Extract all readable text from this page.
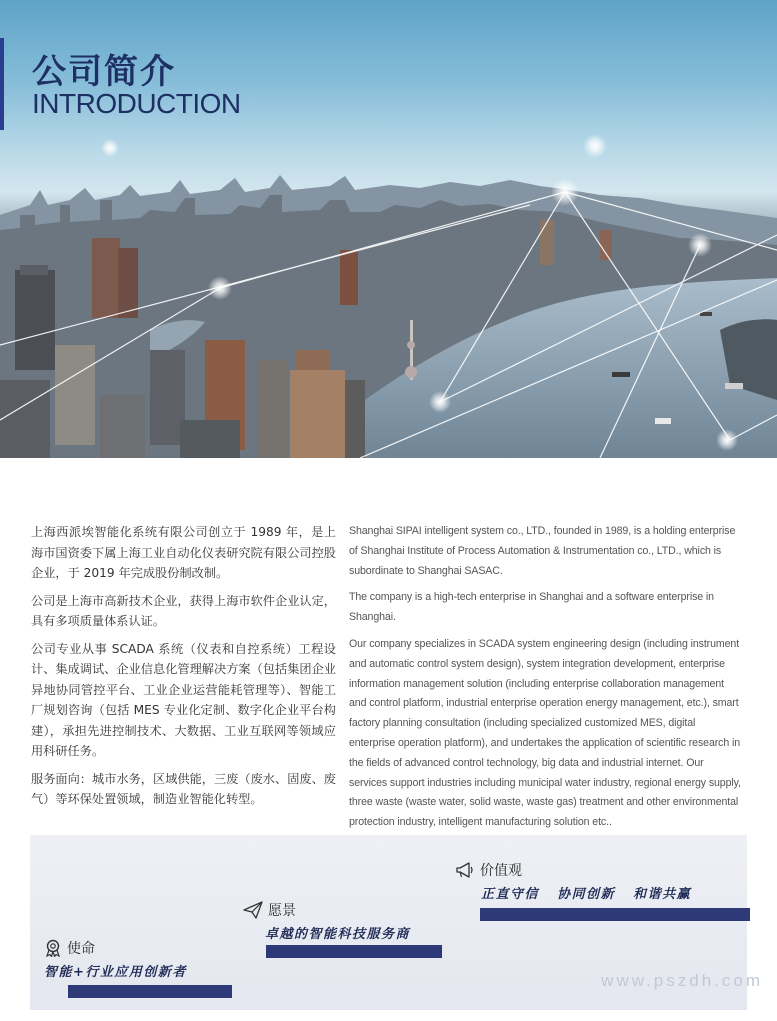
公司简介
INTRODUCTION

上海西派埃智能化系统有限公司创立于 1989 年，是上海市国资委下属上海工业自动化仪表研究院有限公司控股企业，于 2019 年完成股份制改制。

公司是上海市高新技术企业，获得上海市软件企业认定，具有多项质量体系认证。

公司专业从事 SCADA 系统（仪表和自控系统）工程设计、集成调试、企业信息化管理解决方案（包括集团企业异地协同管控平台、工业企业运营能耗管理等）、智能工厂规划咨询（包括 MES 专业化定制、数字化企业平台构建），承担先进控制技术、大数据、工业互联网等领域应用科研任务。

服务面向：城市水务，区域供能，三废（废水、固废、废气）等环保处置领域，制造业智能化转型。

Shanghai SIPAI intelligent system co., LTD., founded in 1989, is a holding enterprise of Shanghai Institute of Process Automation & Instrumentation co., LTD., which is subordinate to Shanghai SASAC.

The company is a high-tech enterprise in Shanghai and a software enterprise in Shanghai.

Our company specializes in SCADA system engineering design (including instrument and automatic control system design), system integration development, enterprise information management solution (including enterprise collaboration management and control platform, industrial enterprise operation energy management, etc.), smart factory planning consultation (including specialized customized MES, digital enterprise operation platform), and undertakes the application of scientific research in the fields of advanced control technology, big data and industrial internet. Our services support industries including municipal water industry, regional energy supply, three waste (waste water, solid waste, waste gas) treatment and other environmental protection industry, intelligent manufacturing solution etc..

使命
智能+行业应用创新者
愿景
卓越的智能科技服务商
价值观
正直守信   协同创新   和谐共赢
www.pszdh.com
